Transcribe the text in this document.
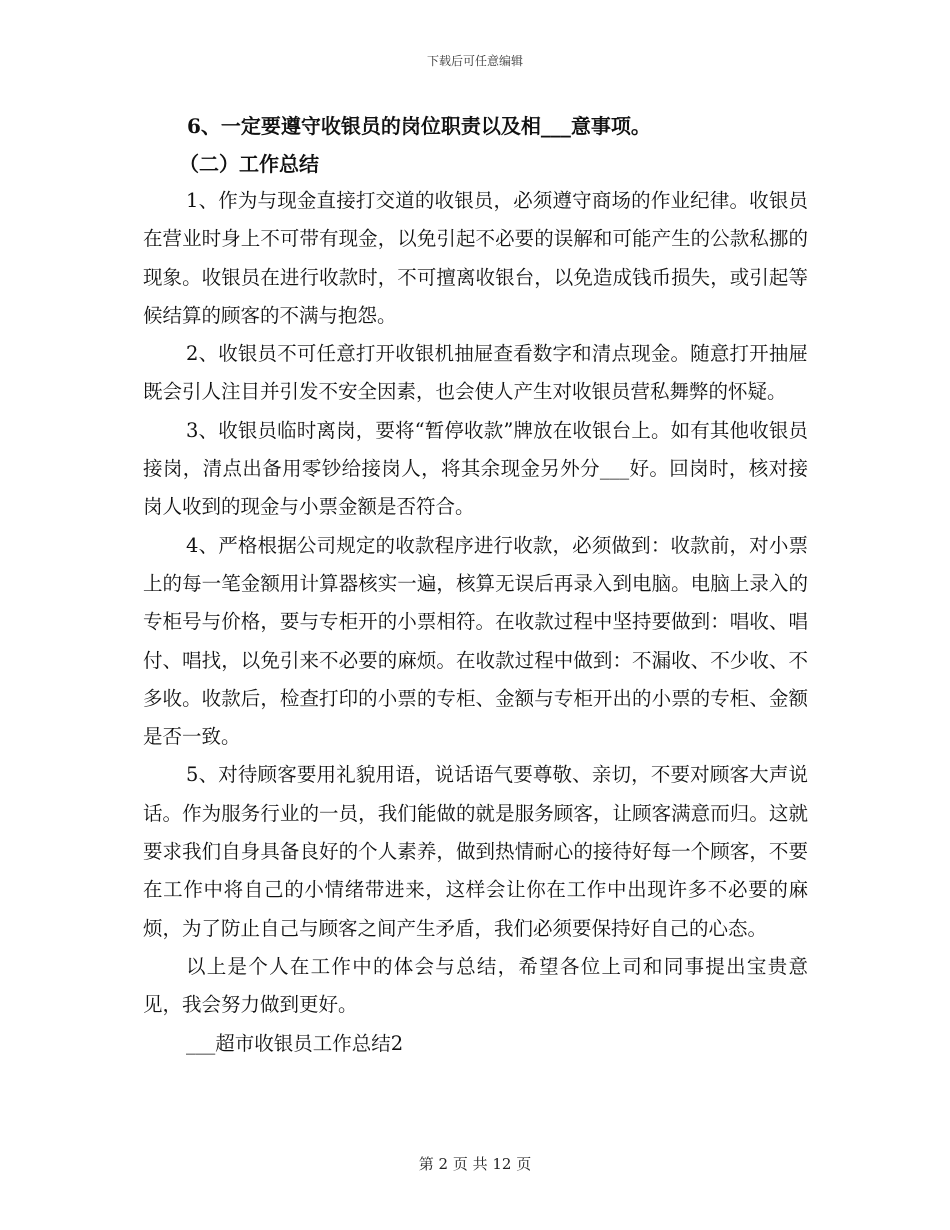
下载后可任意编辑

6、一定要遵守收银员的岗位职责以及相___意事项。

（二）工作总结

1、作为与现金直接打交道的收银员，必须遵守商场的作业纪律。收银员在营业时身上不可带有现金，以免引起不必要的误解和可能产生的公款私挪的现象。收银员在进行收款时，不可擅离收银台，以免造成钱币损失，或引起等候结算的顾客的不满与抱怨。

2、收银员不可任意打开收银机抽屉查看数字和清点现金。随意打开抽屉既会引人注目并引发不安全因素，也会使人产生对收银员营私舞弊的怀疑。

3、收银员临时离岗，要将“暂停收款”牌放在收银台上。如有其他收银员接岗，清点出备用零钞给接岗人，将其余现金另外分___好。回岗时，核对接岗人收到的现金与小票金额是否符合。

4、严格根据公司规定的收款程序进行收款，必须做到：收款前，对小票上的每一笔金额用计算器核实一遍，核算无误后再录入到电脑。电脑上录入的专柜号与价格，要与专柜开的小票相符。在收款过程中坚持要做到：唱收、唱付、唱找，以免引来不必要的麻烦。在收款过程中做到：不漏收、不少收、不多收。收款后，检查打印的小票的专柜、金额与专柜开出的小票的专柜、金额是否一致。

5、对待顾客要用礼貌用语，说话语气要尊敬、亲切，不要对顾客大声说话。作为服务行业的一员，我们能做的就是服务顾客，让顾客满意而归。这就要求我们自身具备良好的个人素养，做到热情耐心的接待好每一个顾客，不要在工作中将自己的小情绪带进来，这样会让你在工作中出现许多不必要的麻烦，为了防止自己与顾客之间产生矛盾，我们必须要保持好自己的心态。

以上是个人在工作中的体会与总结，希望各位上司和同事提出宝贵意见，我会努力做到更好。

___超市收银员工作总结2

第 2 页 共 12 页
